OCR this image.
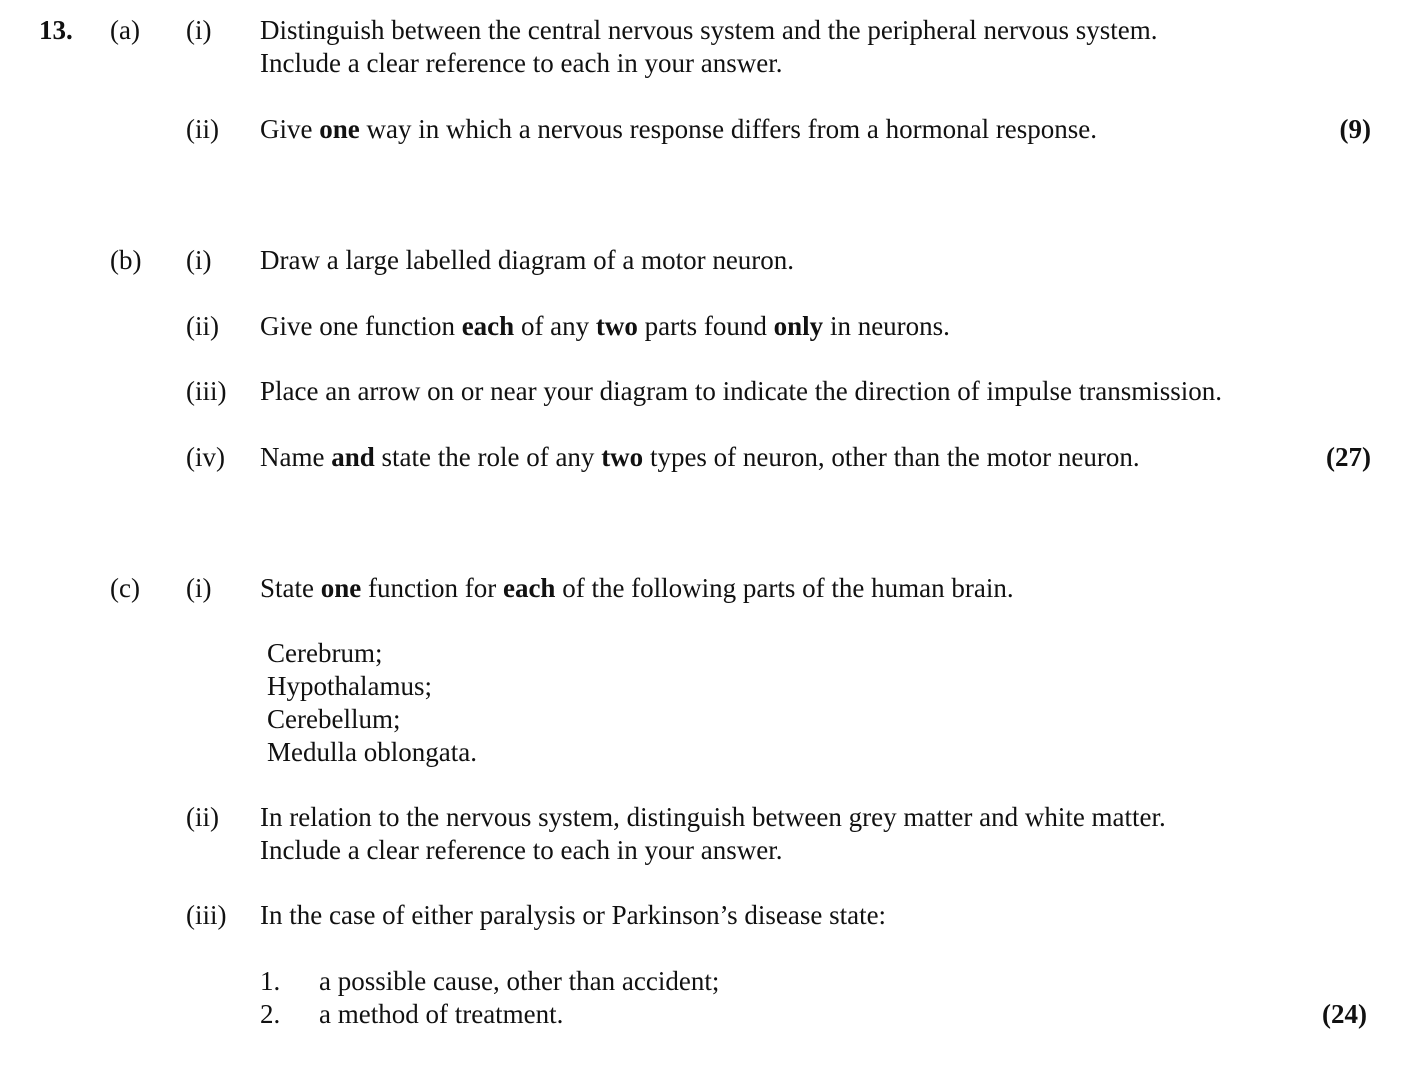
13. (a) (i) Distinguish between the central nervous system and the peripheral nervous system.
Include a clear reference to each in your answer.
(ii) Give one way in which a nervous response differs from a hormonal response.	(9)
(b) (i) Draw a large labelled diagram of a motor neuron.
(ii) Give one function each of any two parts found only in neurons.
(iii) Place an arrow on or near your diagram to indicate the direction of impulse transmission.
(iv) Name and state the role of any two types of neuron, other than the motor neuron.	(27)
(c) (i) State one function for each of the following parts of the human brain.
Cerebrum;
Hypothalamus;
Cerebellum;
Medulla oblongata.
(ii) In relation to the nervous system, distinguish between grey matter and white matter.
Include a clear reference to each in your answer.
(iii) In the case of either paralysis or Parkinson’s disease state:
1. a possible cause, other than accident;
2. a method of treatment.	(24)
